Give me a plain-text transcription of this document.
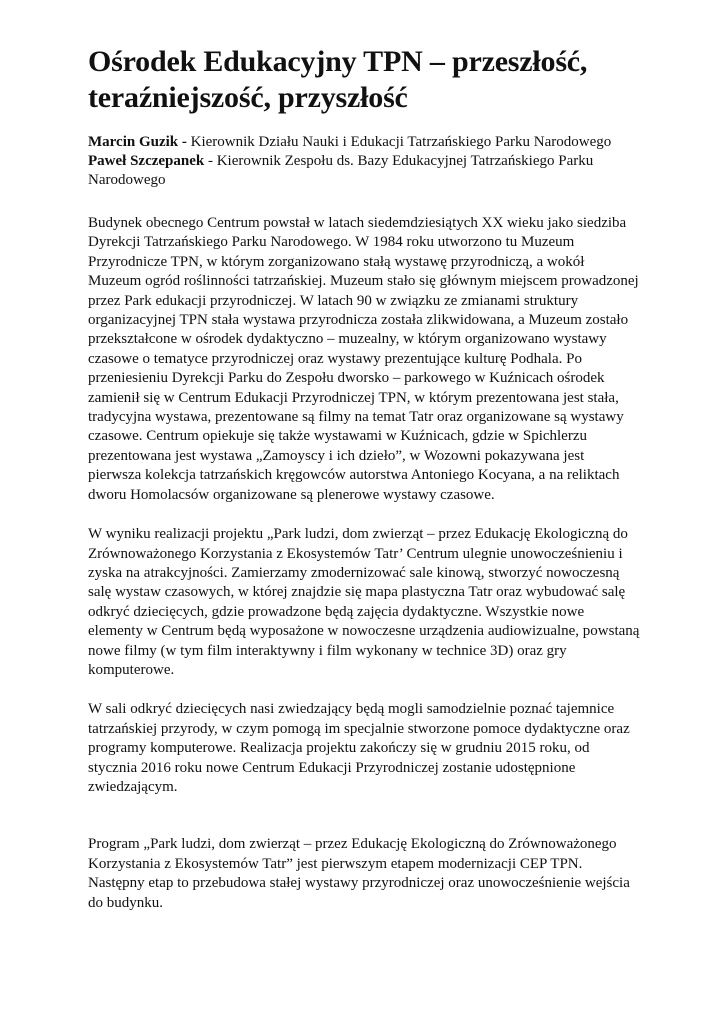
Ośrodek Edukacyjny TPN – przeszłość, teraźniejszość, przyszłość

Marcin Guzik - Kierownik Działu Nauki i Edukacji Tatrzańskiego Parku Narodowego

Paweł Szczepanek - Kierownik Zespołu ds. Bazy Edukacyjnej Tatrzańskiego Parku Narodowego

Budynek obecnego Centrum powstał w latach siedemdziesiątych XX wieku jako siedziba Dyrekcji Tatrzańskiego Parku Narodowego. W 1984 roku utworzono tu Muzeum Przyrodnicze TPN, w którym zorganizowano stałą wystawę przyrodniczą, a wokół Muzeum ogród roślinności tatrzańskiej. Muzeum stało się głównym miejscem prowadzonej przez Park edukacji przyrodniczej. W latach 90 w związku ze zmianami struktury organizacyjnej TPN stała wystawa przyrodnicza została zlikwidowana, a Muzeum zostało przekształcone w ośrodek dydaktyczno – muzealny, w którym organizowano wystawy czasowe o tematyce przyrodniczej oraz wystawy prezentujące kulturę Podhala. Po przeniesieniu Dyrekcji Parku do Zespołu dworsko – parkowego w Kuźnicach ośrodek zamienił się w Centrum Edukacji Przyrodniczej TPN, w którym prezentowana jest stała, tradycyjna wystawa, prezentowane są filmy na temat Tatr oraz organizowane są wystawy czasowe. Centrum opiekuje się także wystawami w Kuźnicach, gdzie w Spichlerzu prezentowana jest wystawa „Zamoyscy i ich dzieło”, w Wozowni pokazywana jest pierwsza kolekcja tatrzańskich kręgowców autorstwa Antoniego Kocyana, a na reliktach dworu Homolacsów organizowane są plenerowe wystawy czasowe.

W wyniku realizacji projektu „Park ludzi, dom zwierząt – przez Edukację Ekologiczną do Zrównoważonego Korzystania z Ekosystemów Tatr’ Centrum ulegnie unowocześnieniu i zyska na atrakcyjności. Zamierzamy zmodernizować sale kinową, stworzyć nowoczesną salę wystaw czasowych, w której znajdzie się mapa plastyczna Tatr oraz wybudować salę odkryć dziecięcych, gdzie prowadzone będą zajęcia dydaktyczne. Wszystkie nowe elementy w Centrum będą wyposażone w nowoczesne urządzenia audiowizualne, powstaną nowe filmy (w tym film interaktywny i film wykonany w technice 3D) oraz gry komputerowe.

W sali odkryć dziecięcych nasi zwiedzający będą mogli samodzielnie poznać tajemnice tatrzańskiej przyrody, w czym pomogą im specjalnie stworzone pomoce dydaktyczne oraz programy komputerowe. Realizacja projektu zakończy się w grudniu 2015 roku, od stycznia 2016 roku nowe Centrum Edukacji Przyrodniczej zostanie udostępnione zwiedzającym.

Program „Park ludzi, dom zwierząt – przez Edukację Ekologiczną do Zrównoważonego Korzystania z Ekosystemów Tatr” jest pierwszym etapem modernizacji CEP TPN. Następny etap to przebudowa stałej wystawy przyrodniczej oraz unowocześnienie wejścia do budynku.
